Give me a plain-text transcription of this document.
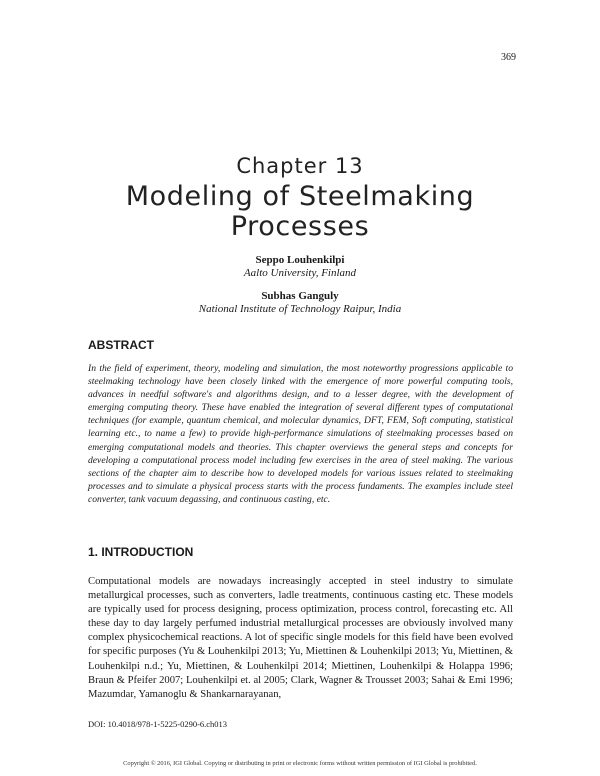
369
Chapter 13
Modeling of Steelmaking Processes
Seppo Louhenkilpi
Aalto University, Finland
Subhas Ganguly
National Institute of Technology Raipur, India
ABSTRACT

In the field of experiment, theory, modeling and simulation, the most noteworthy progressions applicable to steelmaking technology have been closely linked with the emergence of more powerful computing tools, advances in needful software's and algorithms design, and to a lesser degree, with the development of emerging computing theory. These have enabled the integration of several different types of computational techniques (for example, quantum chemical, and molecular dynamics, DFT, FEM, Soft computing, statistical learning etc., to name a few) to provide high-performance simulations of steelmaking processes based on emerging computational models and theories. This chapter overviews the general steps and concepts for developing a computational process model including few exercises in the area of steel making. The various sections of the chapter aim to describe how to developed models for various issues related to steelmaking processes and to simulate a physical process starts with the process fundaments. The examples include steel converter, tank vacuum degassing, and continuous casting, etc.

1. INTRODUCTION

Computational models are nowadays increasingly accepted in steel industry to simulate metallurgical processes, such as converters, ladle treatments, continuous casting etc. These models are typically used for process designing, process optimization, process control, forecasting etc. All these day to day largely perfumed industrial metallurgical processes are obviously involved many complex physicochemical reactions. A lot of specific single models for this field have been evolved for specific purposes (Yu & Louhenkilpi 2013; Yu, Miettinen & Louhenkilpi 2013; Yu, Miettinen, & Louhenkilpi n.d.; Yu, Miettinen, & Louhenkilpi 2014; Miettinen, Louhenkilpi & Holappa 1996; Braun & Pfeifer 2007; Louhenkilpi et. al 2005; Clark, Wagner & Trousset 2003; Sahai & Emi 1996; Mazumdar, Yamanoglu & Shankarnarayanan,

DOI: 10.4018/978-1-5225-0290-6.ch013
Copyright © 2016, IGI Global. Copying or distributing in print or electronic forms without written permission of IGI Global is prohibited.
